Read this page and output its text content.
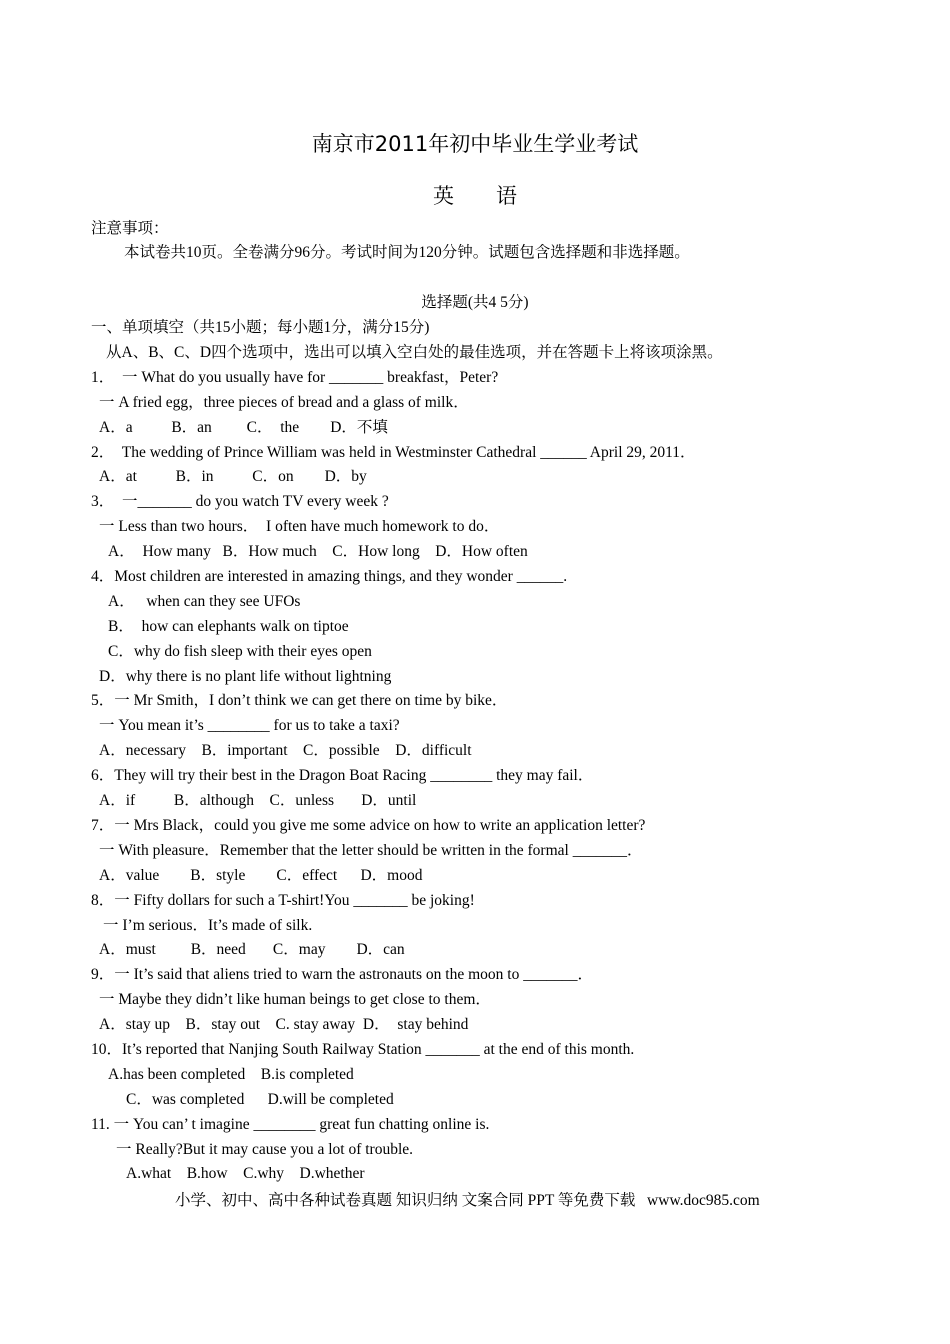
南京市2011年初中毕业生学业考试
英　　语
注意事项：
本试卷共10页。全卷满分96分。考试时间为120分钟。试题包含选择题和非选择题。
选择题(共4 5分)
一、单项填空（共15小题；每小题1分，满分15分)
从A、B、C、D四个选项中，选出可以填入空白处的最佳选项，并在答题卡上将该项涂黑。
1．  一 What do you usually have for _______ breakfast，Peter?
一 A fried egg，three pieces of bread and a glass of milk．
A．a          B．an         C．  the        D．不填
2．  The wedding of Prince William was held in Westminster Cathedral ______ April 29, 2011．
A．at          B．in          C．on        D．by
3．  一_______ do you watch TV every week ?
一 Less than two hours．  I often have much homework to do．
A．  How many   B．How much    C．How long    D．How often
4．Most children are interested in amazing things, and they wonder ______.
A．   when can they see UFOs
B．  how can elephants walk on tiptoe
C．why do fish sleep with their eyes open
D．why there is no plant life without lightning
5．一 Mr Smith，I don’t think we can get there on time by bike．
一 You mean it’s ________ for us to take a taxi?
A．necessary    B．important    C．possible    D．difficult
6．They will try their best in the Dragon Boat Racing ________ they may fail．
A．if          B．although    C．unless       D．until
7．一 Mrs Black，could you give me some advice on how to write an application letter?
一 With pleasure．Remember that the letter should be written in the formal _______．
A．value        B．style        C．effect      D．mood
8．一 Fifty dollars for such a T-shirt!You _______ be joking!
一 I’m serious．It’s made of silk.
A．must         B．need       C．may        D．can
9．一 It’s said that aliens tried to warn the astronauts on the moon to _______．
一 Maybe they didn’t like human beings to get close to them．
A．stay up    B．stay out    C. stay away  D．  stay behind
10．It’s reported that Nanjing South Railway Station _______ at the end of this month.
A.has been completed    B.is completed
C．was completed      D.will be completed
11. 一 You can’ t imagine ________ great fun chatting online is.
一 Really?But it may cause you a lot of trouble.
A.what    B.how    C.why    D.whether
小学、初中、高中各种试卷真题 知识归纳 文案合同 PPT 等免费下载   www.doc985.com
